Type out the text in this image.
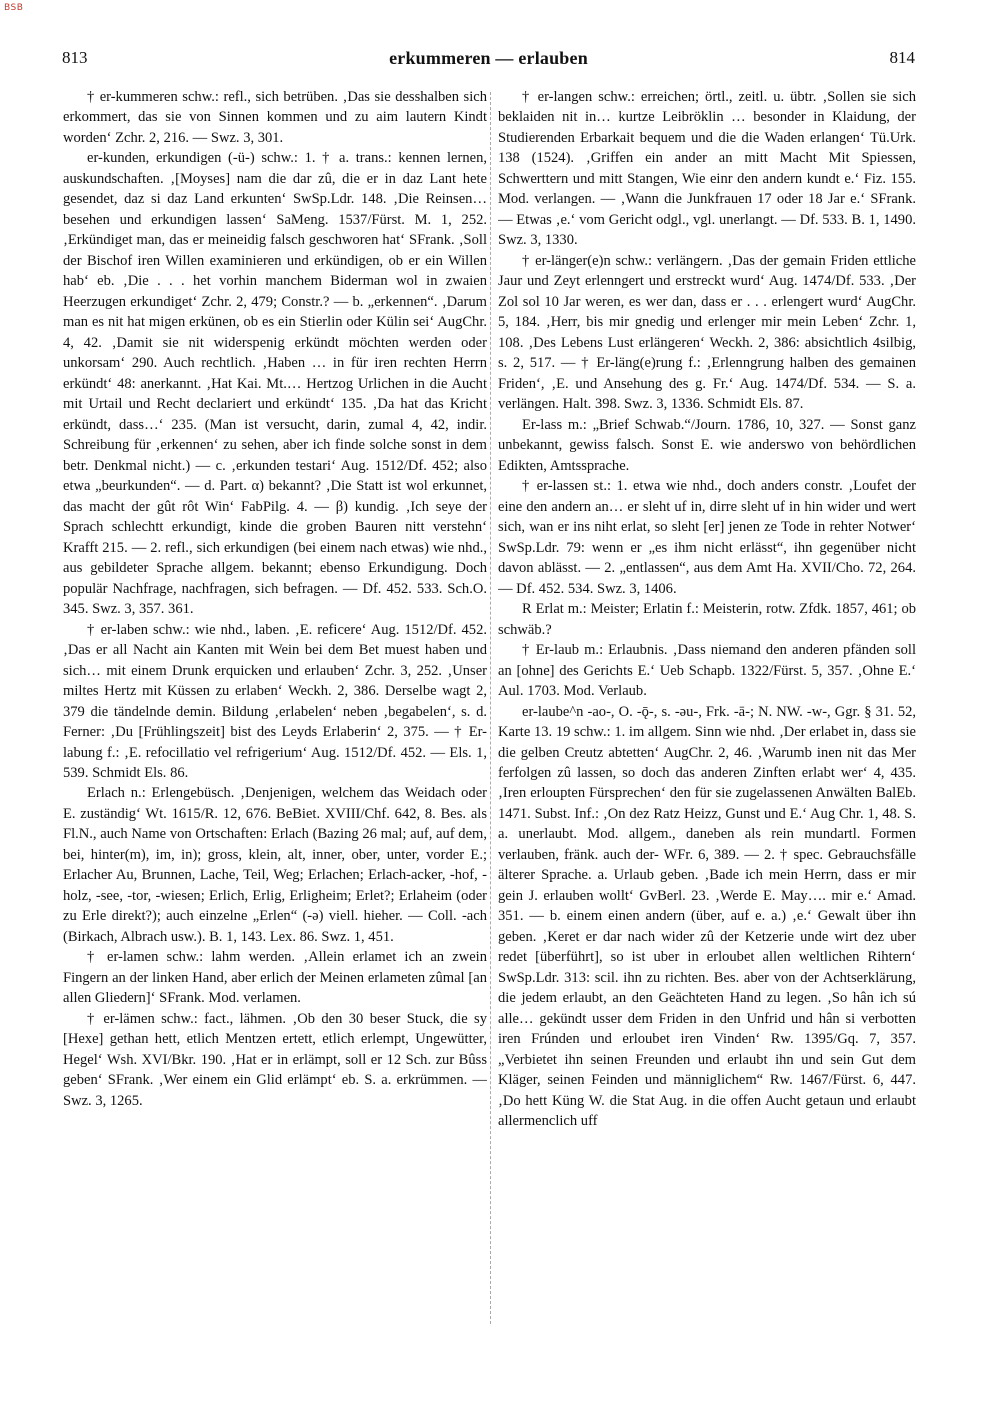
BSB
813	erkummeren — erlauben	814

† er-kummeren schw.: refl., sich betrüben. ‚Das sie desshalben sich erkommert, das sie von Sinnen kommen und zu aim lautern Kindt worden‘ Zchr. 2, 216. — Swz. 3, 301.

er-kunden, erkundigen (-ü-) schw.: 1. † a. trans.: kennen lernen, auskundschaften. ‚[Moyses] nam die dar zû, die er in daz Lant hete gesendet, daz si daz Land erkunten‘ SwSp.Ldr. 148. ‚Die Reinsen… besehen und erkundigen lassen‘ SaMeng. 1537/Fürst. M. 1, 252. ‚Erkündiget man, das er meineidig falsch geschworen hat‘ SFrank. ‚Soll der Bischof iren Willen examinieren und erkündigen, ob er ein Willen hab‘ eb. ‚Die . . . het vorhin manchem Biderman wol in zwaien Heerzugen erkundiget‘ Zchr. 2, 479; Constr.? — b. „erkennen“. ‚Darum man es nit hat migen erkünen, ob es ein Stierlin oder Külin sei‘ AugChr. 4, 42. ‚Damit sie nit widerspenig erkündt möchten werden oder unkorsam‘ 290. Auch rechtlich. ‚Haben … in für iren rechten Herrn erkündt‘ 48: anerkannt. ‚Hat Kai. Mt.… Hertzog Urlichen in die Aucht mit Urtail und Recht declariert und erkündt‘ 135. ‚Da hat das Kricht erkündt, dass…‘ 235. (Man ist versucht, darin, zumal 4, 42, indir. Schreibung für ‚erkennen‘ zu sehen, aber ich finde solche sonst in dem betr. Denkmal nicht.) — c. ‚erkunden testari‘ Aug. 1512/Df. 452; also etwa „beurkunden“. — d. Part. α) bekannt? ‚Die Statt ist wol erkunnet, das macht der gût rôt Win‘ FabPilg. 4. — β) kundig. ‚Ich seye der Sprach schlechtt erkundigt, kinde die groben Bauren nitt verstehn‘ Krafft 215. — 2. refl., sich erkundigen (bei einem nach etwas) wie nhd., aus gebildeter Sprache allgem. bekannt; ebenso Erkundigung. Doch populär Nachfrage, nachfragen, sich befragen. — Df. 452. 533. Sch.O. 345. Swz. 3, 357. 361.

† er-laben schw.: wie nhd., laben. ‚E. reficere‘ Aug. 1512/Df. 452. ‚Das er all Nacht ain Kanten mit Wein bei dem Bet muest haben und sich… mit einem Drunk erquicken und erlauben‘ Zchr. 3, 252. ‚Unser miltes Hertz mit Küssen zu erlaben‘ Weckh. 2, 386. Derselbe wagt 2, 379 die tändelnde demin. Bildung ‚erlabelen‘ neben ‚begabelen‘, s. d. Ferner: ‚Du [Frühlingszeit] bist des Leyds Erlaberin‘ 2, 375. — † Er-labung f.: ‚E. refocillatio vel refrigerium‘ Aug. 1512/Df. 452. — Els. 1, 539. Schmidt Els. 86.

Erlach n.: Erlengebüsch. ‚Denjenigen, welchem das Weidach oder E. zuständig‘ Wt. 1615/R. 12, 676. BeBiet. XVIII/Chf. 642, 8. Bes. als Fl.N., auch Name von Ortschaften: Erlach (Bazing 26 mal; auf, auf dem, bei, hinter(m), im, in); gross, klein, alt, inner, ober, unter, vorder E.; Erlacher Au, Brunnen, Lache, Teil, Weg; Erlachen; Erlach-acker, -hof, -holz, -see, -tor, -wiesen; Erlich, Erlig, Erligheim; Erlet?; Erlaheim (oder zu Erle direkt?); auch einzelne „Erlen“ (-ə) viell. hieher. — Coll. -ach (Birkach, Albrach usw.). B. 1, 143. Lex. 86. Swz. 1, 451.

† er-lamen schw.: lahm werden. ‚Allein erlamet ich an zwein Fingern an der linken Hand, aber erlich der Meinen erlameten zûmal [an allen Gliedern]‘ SFrank. Mod. verlamen.

† er-lämen schw.: fact., lähmen. ‚Ob den 30 beser Stuck, die sy [Hexe] gethan hett, etlich Mentzen ertett, etlich erlempt, Ungewütter, Hegel‘ Wsh. XVI/Bkr. 190. ‚Hat er in erlämpt, soll er 12 Sch. zur Bûss geben‘ SFrank. ‚Wer einem ein Glid erlämpt‘ eb. S. a. erkrümmen. — Swz. 3, 1265.

† er-langen schw.: erreichen; örtl., zeitl. u. übtr. ‚Sollen sie sich beklaiden nit in… kurtze Leibröklin … besonder in Klaidung, der Studierenden Erbarkait bequem und die die Waden erlangen‘ Tü.Urk. 138 (1524). ‚Griffen ein ander an mitt Macht Mit Spiessen, Schwerttern und mitt Stangen, Wie einr den andern kundt e.‘ Fiz. 155. Mod. verlangen. — ‚Wann die Junkfrauen 17 oder 18 Jar e.‘ SFrank. — Etwas ‚e.‘ vom Gericht odgl., vgl. unerlangt. — Df. 533. B. 1, 1490. Swz. 3, 1330.

† er-länger(e)n schw.: verlängern. ‚Das der gemain Friden ettliche Jaur und Zeyt erlenngert und erstreckt wurd‘ Aug. 1474/Df. 533. ‚Der Zol sol 10 Jar weren, es wer dan, dass er . . . erlengert wurd‘ AugChr. 5, 184. ‚Herr, bis mir gnedig und erlenger mir mein Leben‘ Zchr. 1, 108. ‚Des Lebens Lust erlängeren‘ Weckh. 2, 386: absichtlich 4silbig, s. 2, 517. — † Er-läng(e)rung f.: ‚Erlenngrung halben des gemainen Friden‘, ‚E. und Ansehung des g. Fr.‘ Aug. 1474/Df. 534. — S. a. verlängen. Halt. 398. Swz. 3, 1336. Schmidt Els. 87.

Er-lass m.: „Brief Schwab.“/Journ. 1786, 10, 327. — Sonst ganz unbekannt, gewiss falsch. Sonst E. wie anderswo von behördlichen Edikten, Amtssprache.

† er-lassen st.: 1. etwa wie nhd., doch anders constr. ‚Loufet der eine den andern an… er sleht uf in, dirre sleht uf in hin wider und wert sich, wan er ins niht erlat, so sleht [er] jenen ze Tode in rehter Notwer‘ SwSp.Ldr. 79: wenn er „es ihm nicht erlässt“, ihn gegenüber nicht davon ablässt. — 2. „entlassen“, aus dem Amt Ha. XVII/Cho. 72, 264. — Df. 452. 534. Swz. 3, 1406.

R Erlat m.: Meister; Erlatin f.: Meisterin, rotw. Zfdk. 1857, 461; ob schwäb.?

† Er-laub m.: Erlaubnis. ‚Dass niemand den anderen pfänden soll an [ohne] des Gerichts E.‘ Ueb Schapb. 1322/Fürst. 5, 357. ‚Ohne E.‘ Aul. 1703. Mod. Verlaub.

er-laube^n -ao-, O. -ǭ-, s. -əu-, Frk. -ā-; N. NW. -w-, Ggr. § 31. 52, Karte 13. 19 schw.: 1. im allgem. Sinn wie nhd. ‚Der erlabet in, dass sie die gelben Creutz abtetten‘ AugChr. 2, 46. ‚Warumb inen nit das Mer ferfolgen zû lassen, so doch das anderen Zinften erlabt wer‘ 4, 435. ‚Iren erloupten Fürsprechen‘ den für sie zugelassenen Anwälten BalEb. 1471. Subst. Inf.: ‚On dez Ratz Heizz, Gunst und E.‘ Aug Chr. 1, 48. S. a. unerlaubt. Mod. allgem., daneben als rein mundartl. Formen verlauben, fränk. auch der- WFr. 6, 389. — 2. † spec. Gebrauchsfälle älterer Sprache. a. Urlaub geben. ‚Bade ich mein Herrn, dass er mir gein J. erlauben wollt‘ GvBerl. 23. ‚Werde E. May…. mir e.‘ Amad. 351. — b. einem einen andern (über, auf e. a.) ‚e.‘ Gewalt über ihn geben. ‚Keret er dar nach wider zû der Ketzerie unde wirt dez uber redet [überführt], so ist uber in erloubet allen weltlichen Rihtern‘ SwSp.Ldr. 313: scil. ihn zu richten. Bes. aber von der Achtserklärung, die jedem erlaubt, an den Geächteten Hand zu legen. ‚So hân ich sú alle… gekündt usser dem Friden in den Unfrid und hân si verbotten iren Frúnden und erloubet iren Vinden‘ Rw. 1395/Gq. 7, 357. „Verbietet ihn seinen Freunden und erlaubt ihn und sein Gut dem Kläger, seinen Feinden und männiglichem“ Rw. 1467/Fürst. 6, 447. ‚Do hett Küng W. die Stat Aug. in die offen Aucht getaun und erlaubt allermenclich uff
